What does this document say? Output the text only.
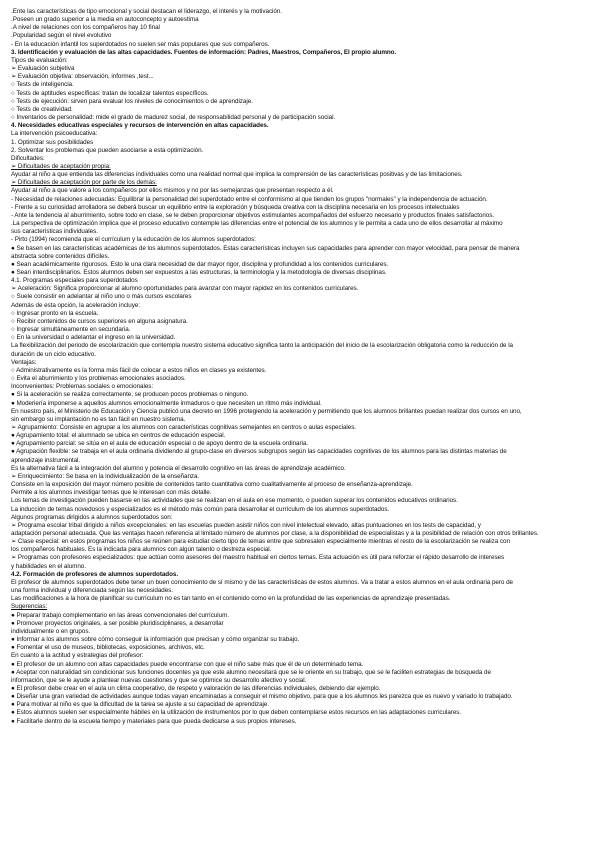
.Ente las características de tipo emocional y social destacan el liderazgo, el interés y la motivación.
.Poseen un grado superior a la media en autoconcepto y autoestima
.A nivel de relaciones con los compañeros hay 10 final
.Popularidad según el nivel evolutivo
- En la educación infantil los superdotados no suelen ser más populares que sus compañeros.
3. Identificación y evaluación de las altas capacidades. Fuentes de información: Padres, Maestros, Compañeros, El propio alumno.
Tipos de evaluación:
➢ Evaluación subjetiva
➢ Evaluación objetiva: observación, informes ,test...
○ Tests de inteligencia.
○ Tests de aptitudes específicas: tratan de localizar talentos específicos.
○ Tests de ejecución: sirven para evaluar los niveles de conocimientos o de aprendizaje.
○ Tests de creatividad.
○ Inventarios de personalidad: mide el grado de madurez social, de responsabilidad personal y de participación social.
4. Necesidades educativas especiales y recursos de intervención en altas capacidades.
La intervención psicoeducativa:
1. Optimizar sus posibilidades
2. Solventar los problemas que pueden asociarse a esta optimización.
Dificultades:
➢ Dificultades de aceptación propia:
Ayudar al niño a que entienda las diferencias individuales como una realidad normal que implica la comprensión de las características positivas y de las limitaciones.
➢ Dificultades de aceptación por parte de los demás:
Ayudar al niño a que valore a los compañeros por ellos mismos y no por las semejanzas que presentan respecto a él.
- Necesidad de relaciones adecuadas: Equilibrar la personalidad del superdotado entre el conformismo al que tienden los grupos "normales" y la independencia de actuación.
- Frente a su curiosidad arrolladora se deberá buscar un equilibrio entre la exploración y búsqueda creativa con la disciplina necesaria en los procesos intelectuales
- Ante la tendencia al aburrimiento, sobre todo en clase, se le deben proporcionar objetivos estimulantes acompañados del esfuerzo necesario y productos finales satisfactorios.
.La perspectiva de optimización implica que el proceso educativo contemple las diferencias entre el potencial de los alumnos y le permita a cada uno de ellos desarrollar al máximo
sus características individuales.
- Pirto (1994) recomienda que el currículum y la educación de los alumnos superdotados:
● Se basen en las características académicas de los alumnos superdotados. Estas características incluyen sus capacidades para aprender con mayor velocidad, para pensar de manera
abstracta sobre contenidos difíciles.
● Sean académicamente rigurosos. Esto le una clara necesidad de dar mayor rigor, disciplina y profundidad a los contenidos curriculares.
● Sean interdisciplinarios. Estos alumnos deben ser expuestos a las estructuras, la terminología y la metodología de diversas disciplinas.
4.1. Programas especiales para superdotados
➢ Aceleración: Significa proporcionar al alumno oportunidades para avanzar con mayor rapidez en los contenidos curriculares.
○ Suele consistir en adelantar al niño uno o más cursos escolares
Además de esta opción, la aceleración incluye:
○ Ingresar pronto en la escuela.
○ Recibir contenidos de cursos superiores en alguna asignatura.
○ Ingresar simultáneamente en secundaria.
○ En la universidad o adelantar el ingreso en la universidad.
La flexibilización del periodo de escolarización que contempla nuestro sistema educativo significa tanto la anticipación del inicio de la escolarización obligatoria como la reducción de la
duración de un ciclo educativo.
Ventajas:
○ Administrativamente es la forma más fácil de colocar a estos niños en clases ya existentes.
○ Evita el aburrimiento y los problemas emocionales asociados.
Inconvenientes: Problemas sociales o emocionales:
● Si la aceleración se realiza correctamente, se producen pocos problemas o ninguno.
● Moderiería imponerse a aquellos alumnos emocionalmente inmaduros o que necesiten un ritmo más individual.
En nuestro país, el Ministerio de Educación y Ciencia publicó una decreto en 1996 protegiendo la aceleración y permitiendo que los alumnos brillantes puedan realizar dos cursos en uno,
sin embargo su implantación no es tan fácil en nuestro sistema.
➢ Agrupamiento: Consiste en agrupar a los alumnos con características cognitivas semejantes en centros o aulas especiales.
● Agrupamiento total: el alumnado se ubica en centros de educación especial.
● Agrupamiento parcial: se sitúa en el aula de educación especial o de apoyo dentro de la escuela ordinaria.
● Agrupación flexible: se trabaja en el aula ordinaria dividiendo al grupo-clase en diversos subgrupos según las capacidades cognitivas de los alumnos para las distintas materias de
aprendizaje instrumental.
Es la alternativa fácil a la integración del alumno y potencia el desarrollo cognitivo en las áreas de aprendizaje académico.
➢ Enriquecimiento: Se basa en la individualización de la enseñanza.
Consiste en la exposición del mayor número posible de contenidos tanto cuantitativa como cualitativamente al proceso de enseñanza-aprendizaje.
Permite a los alumnos investigar temas que le interesan con más detalle.
Los temas de investigación pueden basarse en las actividades que se realizan en el aula en ese momento, o pueden superar los contenidos educativos ordinarios.
La inducción de temas novedosos y especializados es el método más común para desarrollar el currículum de los alumnos superdotados.
Algunos programas dirigidos a alumnos superdotados son:
➢ Programa escolar tribal dirigido a niños excepcionales: en las escuelas pueden asistir niños con nivel intelectual elevado, altas puntuaciones en los tests de capacidad, y
adaptación personal adecuada. Que las ventajas hacen referencia al limitado número de alumnos por clase, a la disponibilidad de especialistas y a la posibilidad de relación con otros brillantes.
➢ Clase especial: en estos programas los niños se reúnen para estudiar cierto tipo de temas entre que sobresalen especialmente mientras el resto de la escolarización se realiza con
los compañeros habituales. Es la indicada para alumnos con algún talento o destreza especial.
➢ Programas con profesores especializados: que actúan como asesores del maestro habitual en ciertos temas. Esta actuación es útil para reforzar el rápido desarrollo de intereses
y habilidades en el alumno.
4.2. Formación de profesores de alumnos superdotados.
El profesor de alumnos superdotados debe tener un buen conocimiento de sí mismo y de las características de estos alumnos. Va a tratar a estos alumnos en el aula ordinaria pero de
una forma individual y diferenciada según las necesidades.
Las modificaciones a la hora de planificar su currículum no es tan tanto en el contenido como en la profundidad de las experiencias de aprendizaje presentadas.
Sugerencias:
● Preparar trabajo complementario en las áreas convencionales del currículum.
● Promover proyectos originales, a ser posible pluridisciplinares, a desarrollar
individualmente o en grupos.
● Informar a los alumnos sobre cómo conseguir la información que precisan y cómo organizar su trabajo.
● Fomentar el uso de museos, bibliotecas, exposiciones, archivos, etc.
En cuanto a la actitud y estrategias del profesor:
● El profesor de un alumno con altas capacidades puede encontrarse con que el niño sabe más que él de un determinado tema.
● Aceptar con naturalidad sin condicionar sus funciones docentes ya que este alumno necesitará que se le oriente en su trabajo, que se le faciliten estrategias de búsqueda de
información, que se le ayude a plantear nuevas cuestiones y que se optimice su desarrollo afectivo y social.
● El profesor debe crear en el aula un clima cooperativo, de respeto y valoración de las diferencias individuales, debiendo dar ejemplo.
● Diseñar una gran variedad de actividades aunque todas vayan encaminadas a conseguir el mismo objetivo, para que a los alumnos les parezca que es nuevo y variado lo trabajado.
● Para motivar al niño es que la dificultad de la tarea se ajuste a su capacidad de aprendizaje.
● Estos alumnos suelen ser especialmente hábiles en la utilización de instrumentos por lo que deben contemplarse estos recursos en las adaptaciones curriculares.
● Facilitarle dentro de la escuela tiempo y materiales para que pueda dedicarse a sus propios intereses.
